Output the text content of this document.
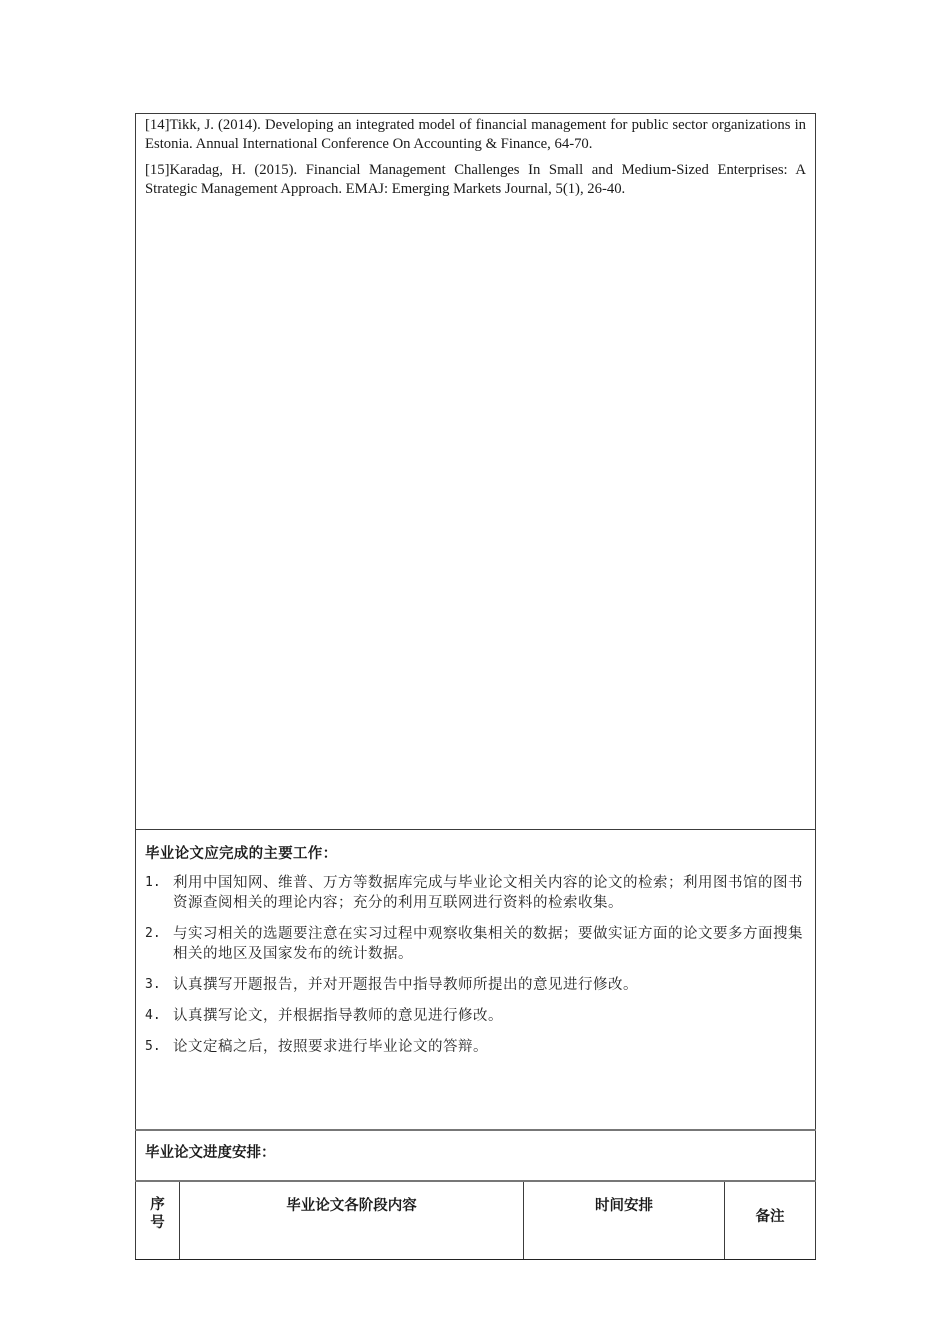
[14]Tikk, J. (2014). Developing an integrated model of financial management for public sector organizations in Estonia. Annual International Conference On Accounting & Finance, 64-70.

[15]Karadag, H. (2015). Financial Management Challenges In Small and Medium-Sized Enterprises: A Strategic Management Approach. EMAJ: Emerging Markets Journal, 5(1), 26-40.

毕业论文应完成的主要工作：
1. 利用中国知网、维普、万方等数据库完成与毕业论文相关内容的论文的检索；利用图书馆的图书资源查阅相关的理论内容；充分的利用互联网进行资料的检索收集。
2. 与实习相关的选题要注意在实习过程中观察收集相关的数据；要做实证方面的论文要多方面搜集相关的地区及国家发布的统计数据。
3. 认真撰写开题报告，并对开题报告中指导教师所提出的意见进行修改。
4. 认真撰写论文，并根据指导教师的意见进行修改。
5. 论文定稿之后，按照要求进行毕业论文的答辩。

毕业论文进度安排：

序号	毕业论文各阶段内容	时间安排	备注
